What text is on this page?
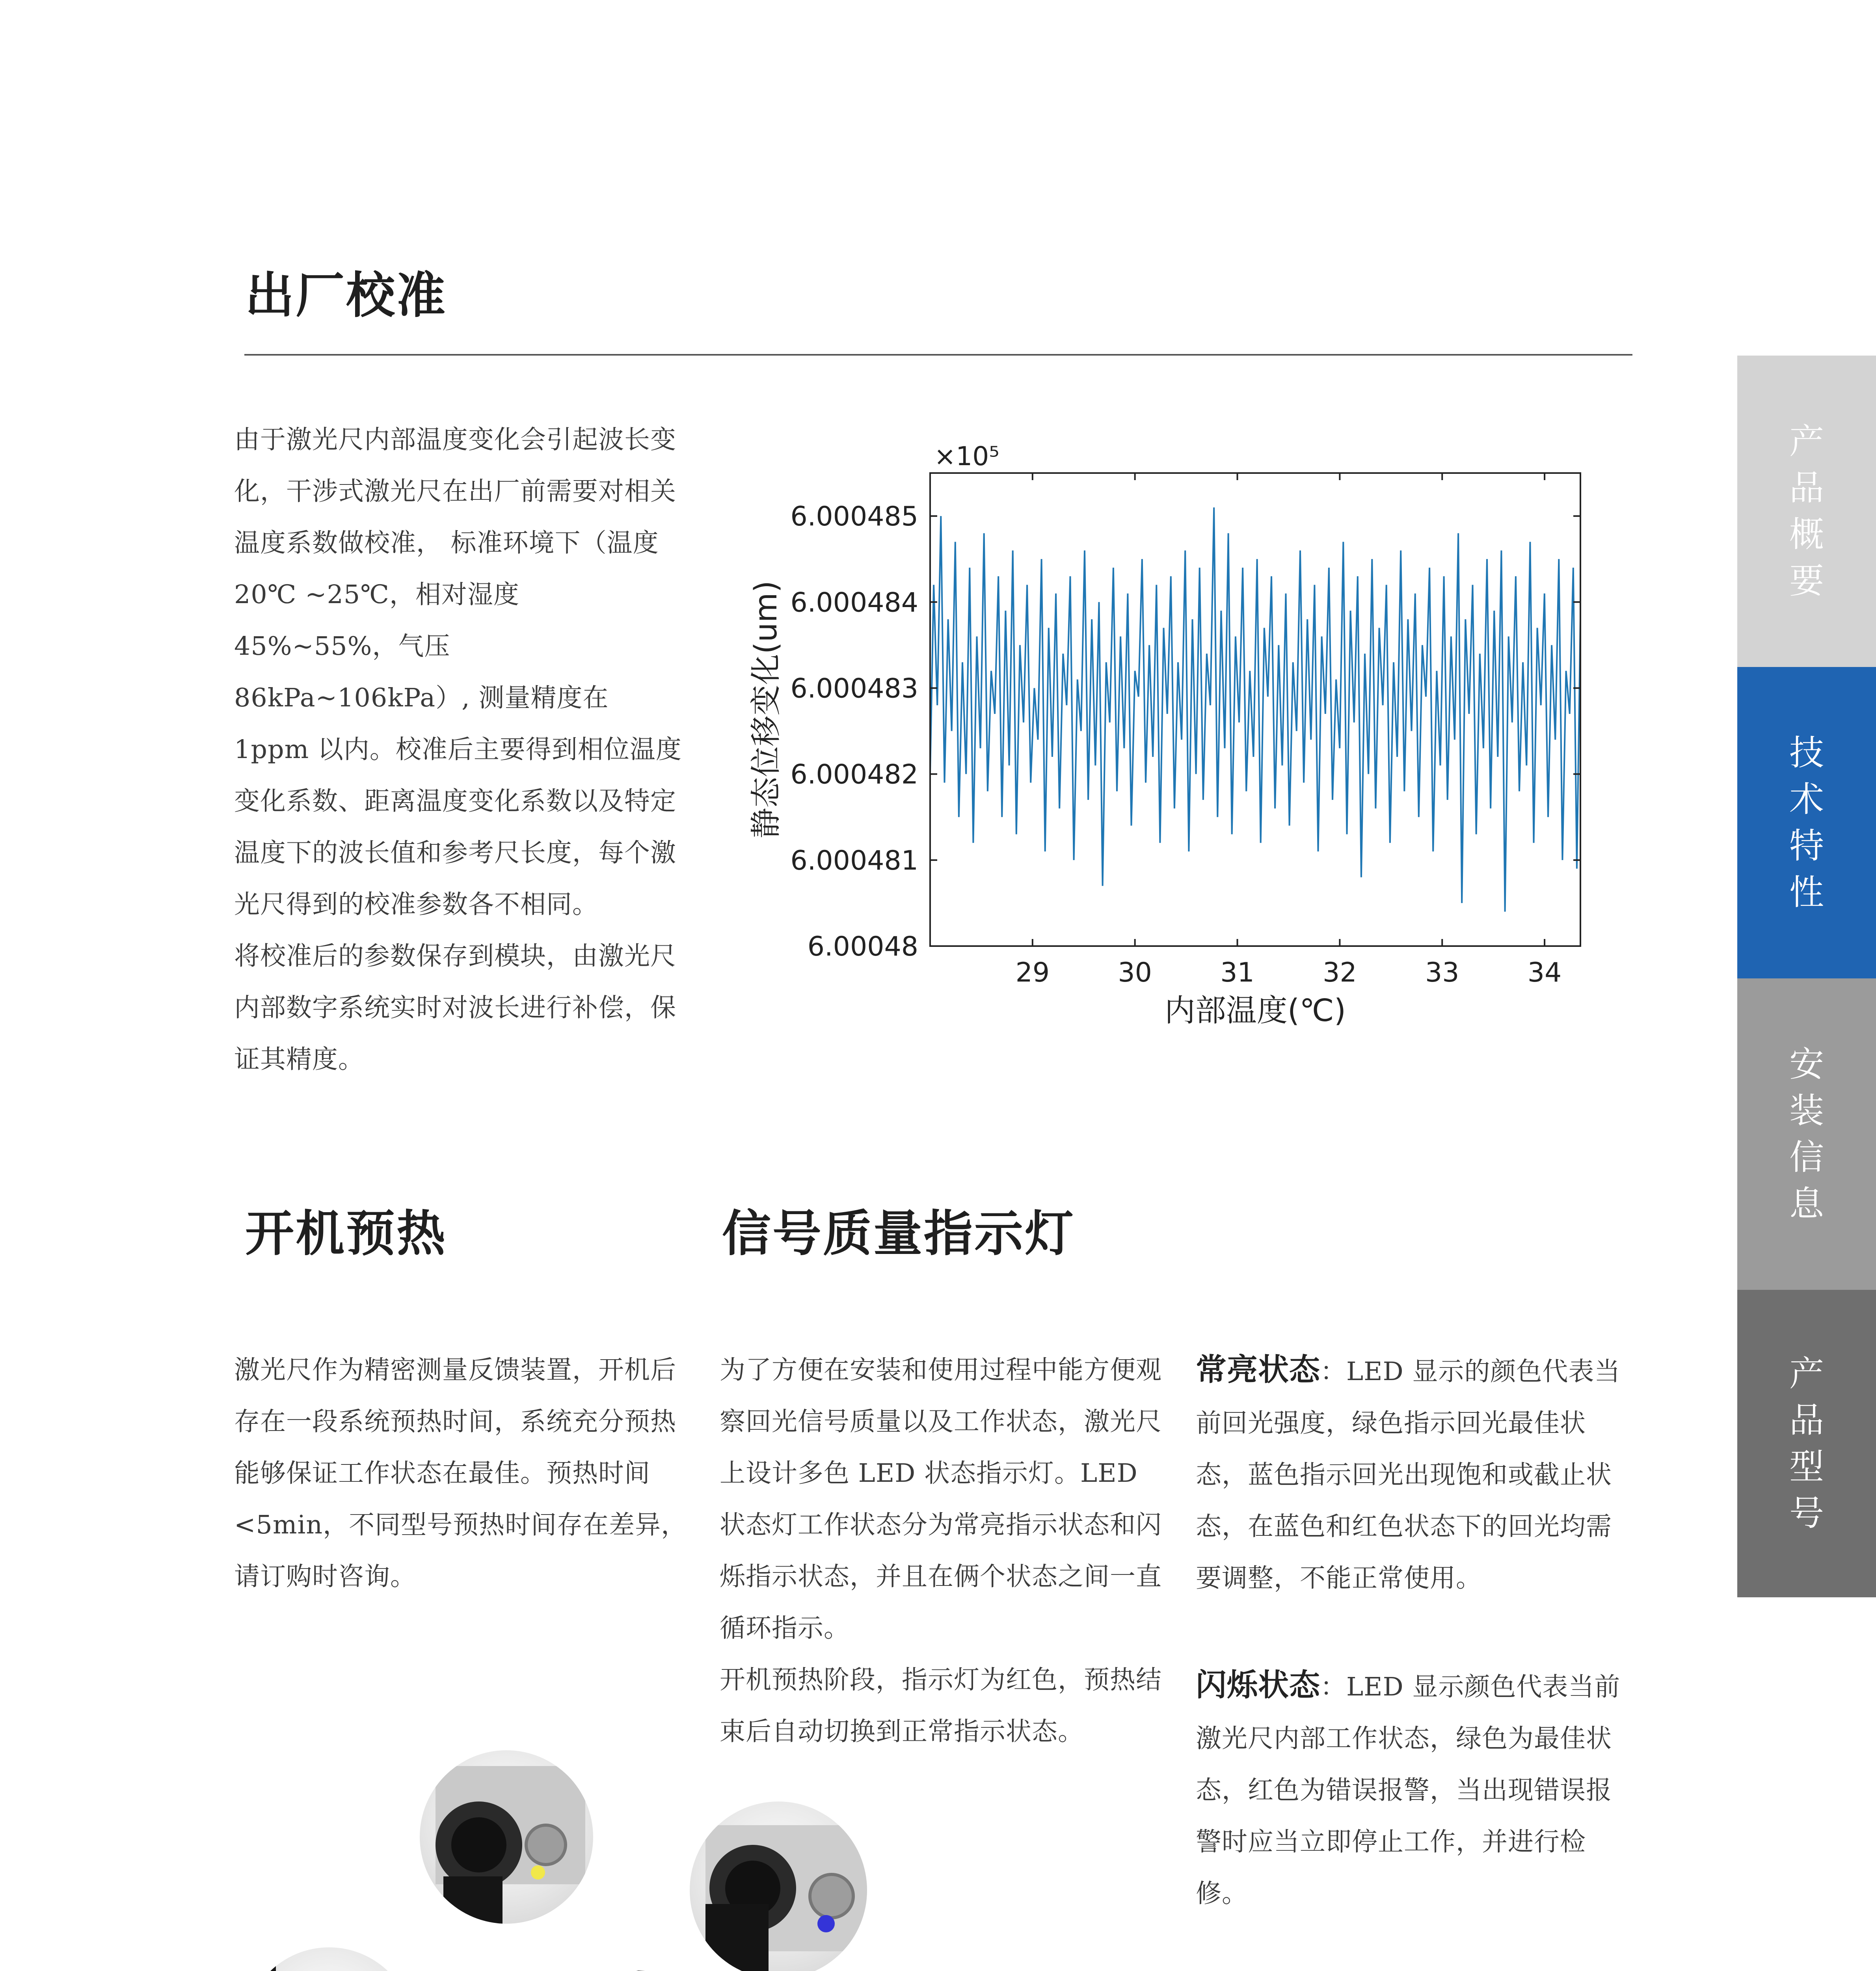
出厂校准

由于激光尺内部温度变化会引起波长变化，干涉式激光尺在出厂前需要对相关温度系数做校准， 标准环境下（温度 20℃ ~25℃，相对湿度 45%~55%，气压 86kPa~106kPa）, 测量精度在 1ppm 以内。校准后主要得到相位温度变化系数、距离温度变化系数以及特定温度下的波长值和参考尺长度，每个激光尺得到的校准参数各不相同。

将校准后的参数保存到模块，由激光尺内部数字系统实时对波长进行补偿，保证其精度。

29	30	31	32	33	34
6.00048
6.000481
6.000482
6.000483
6.000484
6.000485
×10⁵
内部温度(℃)
静态位移变化(um)
开机预热

激光尺作为精密测量反馈装置，开机后存在一段系统预热时间，系统充分预热能够保证工作状态在最佳。预热时间 <5min，不同型号预热时间存在差异，请订购时咨询。

信号质量指示灯

为了方便在安装和使用过程中能方便观察回光信号质量以及工作状态，激光尺上设计多色 LED 状态指示灯。LED 状态灯工作状态分为常亮指示状态和闪烁指示状态，并且在俩个状态之间一直循环指示。

开机预热阶段，指示灯为红色，预热结束后自动切换到正常指示状态。

常亮状态：LED 显示的颜色代表当前回光强度，绿色指示回光最佳状态，蓝色指示回光出现饱和或截止状态，在蓝色和红色状态下的回光均需要调整，不能正常使用。

闪烁状态：LED 显示颜色代表当前激光尺内部工作状态，绿色为最佳状态，红色为错误报警，当出现错误报警时应当立即停止工作，并进行检修。

产品概要
技术特性
安装信息
产品型号
